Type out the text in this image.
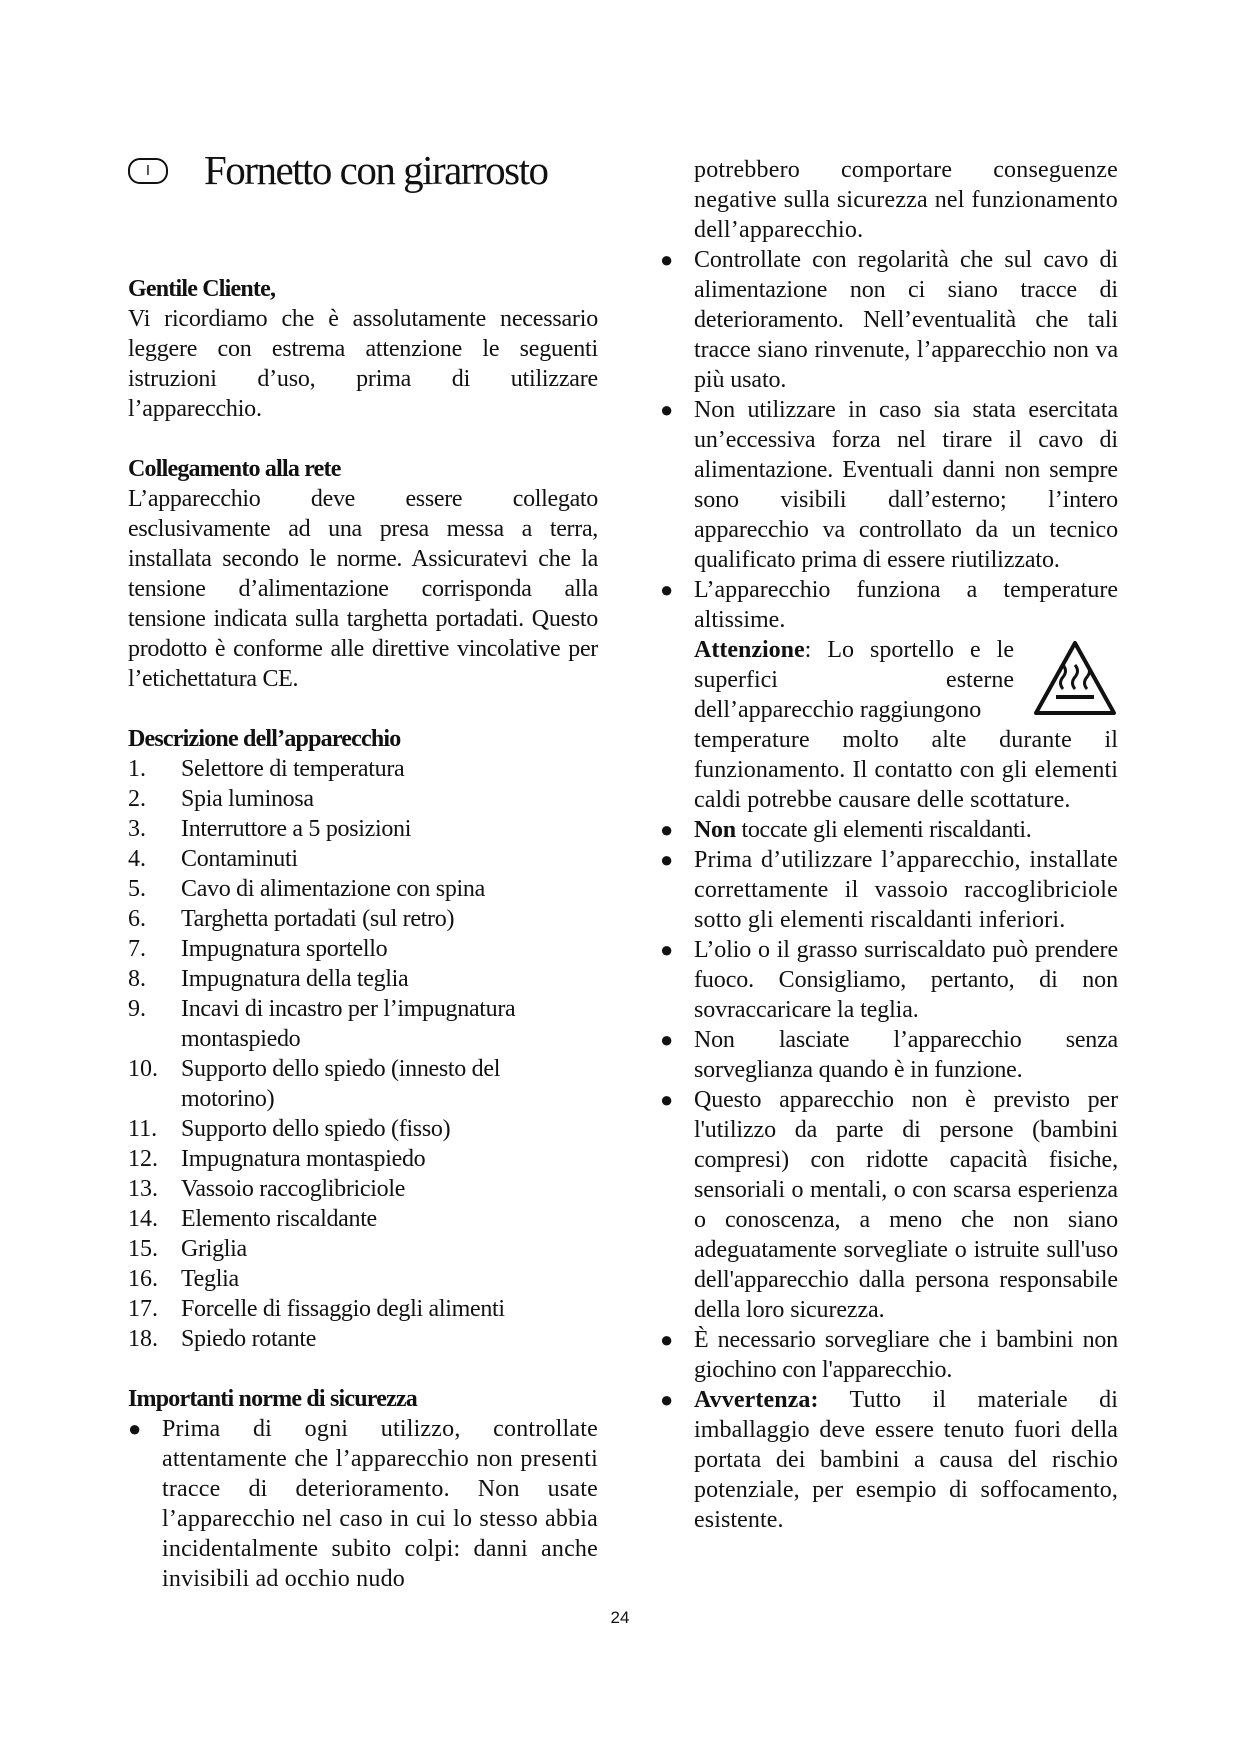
I	Fornetto con girarrosto

Gentile Cliente,

Vi ricordiamo che è assolutamente necessario leggere con estrema attenzione le seguenti istruzioni d’uso, prima di utilizzare l’apparecchio.

Collegamento alla rete

L’apparecchio deve essere collegato esclusivamente ad una presa messa a terra, installata secondo le norme. Assicuratevi che la tensione d’alimentazione corrisponda alla tensione indicata sulla targhetta portadati. Questo prodotto è conforme alle direttive vincolative per l’etichettatura CE.

Descrizione dell’apparecchio

1.	Selettore di temperatura
2.	Spia luminosa
3.	Interruttore a 5 posizioni
4.	Contaminuti
5.	Cavo di alimentazione con spina
6.	Targhetta portadati (sul retro)
7.	Impugnatura sportello
8.	Impugnatura della teglia
9.	Incavi di incastro per l’impugnatura montaspiedo
10. Supporto dello spiedo (innesto del motorino)
11. Supporto dello spiedo (fisso)
12. Impugnatura montaspiedo
13. Vassoio raccoglibriciole
14. Elemento riscaldante
15. Griglia
16. Teglia
17. Forcelle di fissaggio degli alimenti
18. Spiedo rotante

Importanti norme di sicurezza

● Prima di ogni utilizzo, controllate attentamente che l’apparecchio non presenti tracce di deterioramento. Non usate l’apparecchio nel caso in cui lo stesso abbia incidentalmente subito colpi: danni anche invisibili ad occhio nudo

potrebbero comportare conseguenze negative sulla sicurezza nel funzionamento dell’apparecchio.

● Controllate con regolarità che sul cavo di alimentazione non ci siano tracce di deterioramento. Nell’eventualità che tali tracce siano rinvenute, l’apparecchio non va più usato.

● Non utilizzare in caso sia stata esercitata un’eccessiva forza nel tirare il cavo di alimentazione. Eventuali danni non sempre sono visibili dall’esterno; l’intero apparecchio va controllato da un tecnico qualificato prima di essere riutilizzato.

● L’apparecchio funziona a temperature altissime.

Attenzione: Lo sportello e le superfici esterne dell’apparecchio raggiungono

temperature molto alte durante il funzionamento. Il contatto con gli elementi caldi potrebbe causare delle scottature.

● Non toccate gli elementi riscaldanti.

● Prima d’utilizzare l’apparecchio, installate correttamente il vassoio raccoglibriciole sotto gli elementi riscaldanti inferiori.

● L’olio o il grasso surriscaldato può prendere fuoco. Consigliamo, pertanto, di non sovraccaricare la teglia.

● Non lasciate l’apparecchio senza sorveglianza quando è in funzione.

● Questo apparecchio non è previsto per l'utilizzo da parte di persone (bambini compresi) con ridotte capacità fisiche, sensoriali o mentali, o con scarsa esperienza o conoscenza, a meno che non siano adeguatamente sorvegliate o istruite sull'uso dell'apparecchio dalla persona responsabile della loro sicurezza.

● È necessario sorvegliare che i bambini non giochino con l'apparecchio.

● Avvertenza: Tutto il materiale di imballaggio deve essere tenuto fuori della portata dei bambini a causa del rischio potenziale, per esempio di soffocamento, esistente.

24
